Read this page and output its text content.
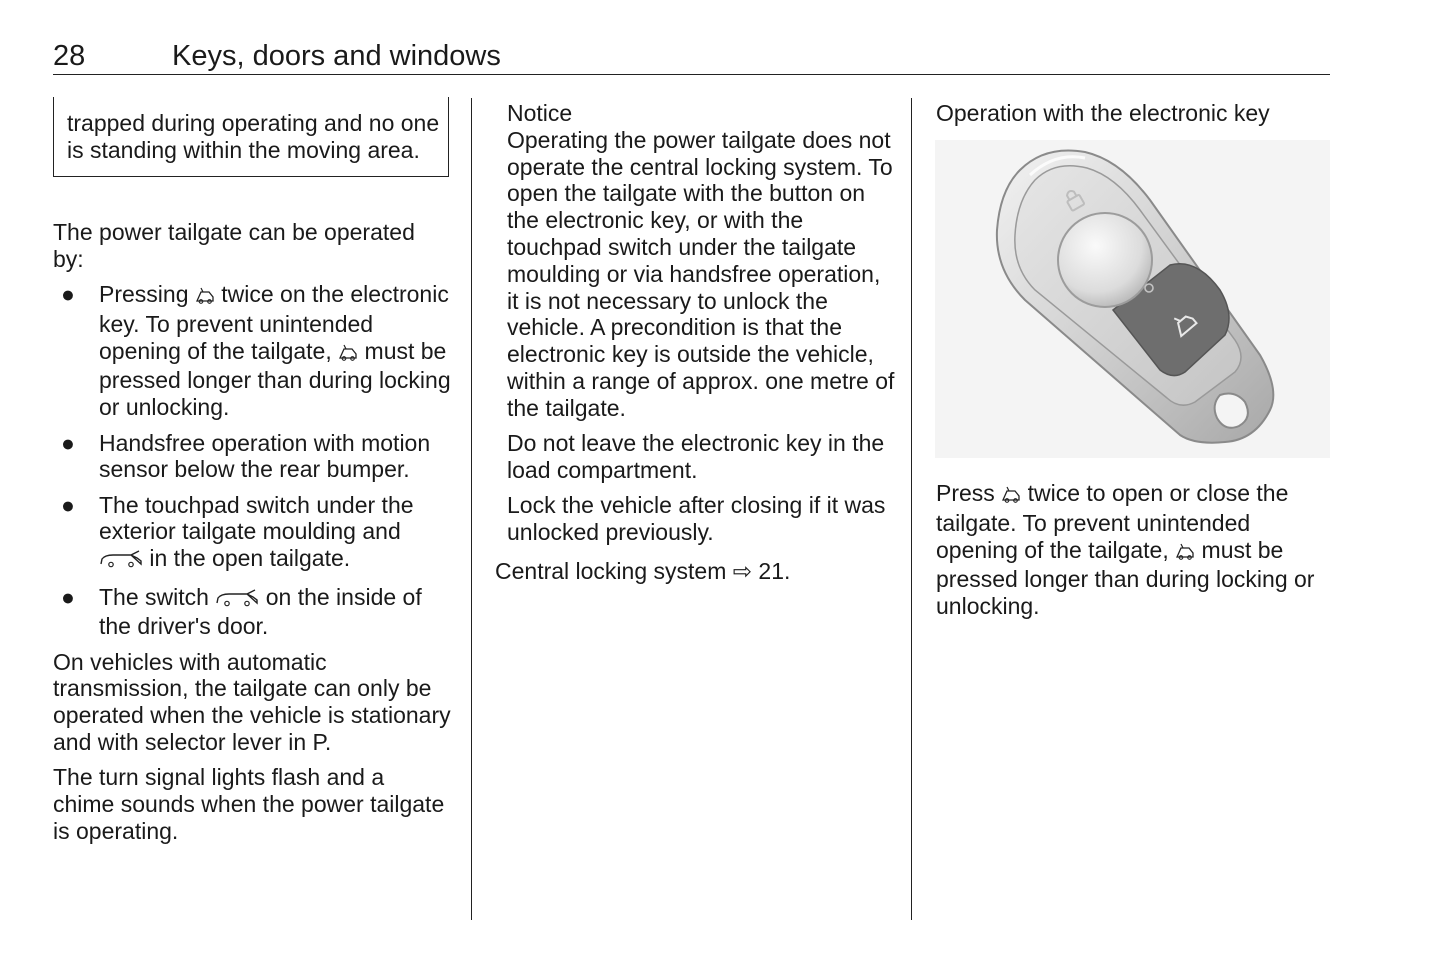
28	Keys, doors and windows
trapped during operating and no one is standing within the moving area.
The power tailgate can be operated by:
● Pressing  twice on the electronic key. To prevent unintended opening of the tailgate,  must be pressed longer than during locking or unlocking.
● Handsfree operation with motion sensor below the rear bumper.
● The touchpad switch under the exterior tailgate moulding and  in the open tailgate.
● The switch  on the inside of the driver's door.
On vehicles with automatic transmission, the tailgate can only be operated when the vehicle is stationary and with selector lever in P.
The turn signal lights flash and a chime sounds when the power tailgate is operating.
Notice
Operating the power tailgate does not operate the central locking system. To open the tailgate with the button on the electronic key, or with the touchpad switch under the tailgate moulding or via handsfree operation, it is not necessary to unlock the vehicle. A precondition is that the electronic key is outside the vehicle, within a range of approx. one metre of the tailgate.
Do not leave the electronic key in the load compartment.
Lock the vehicle after closing if it was unlocked previously.
Central locking system ⇨ 21.
Operation with the electronic key
Press  twice to open or close the tailgate. To prevent unintended opening of the tailgate,  must be pressed longer than during locking or unlocking.
